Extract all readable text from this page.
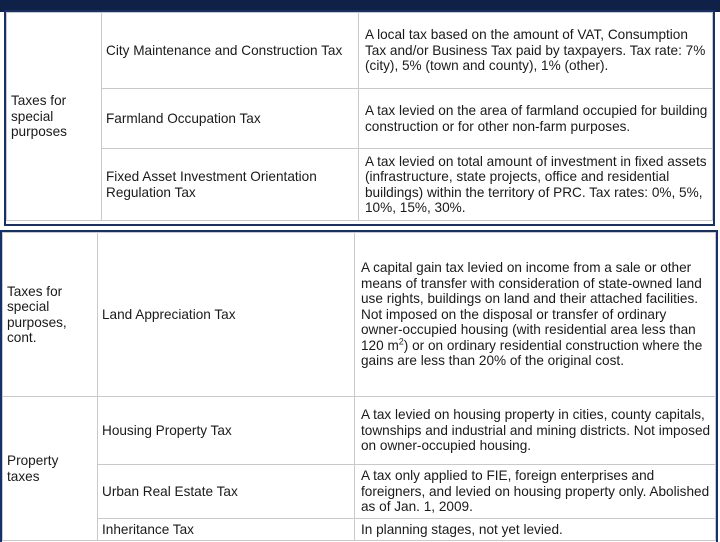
Taxes for special purposes	City Maintenance and Construction Tax	A local tax based on the amount of VAT, Consumption Tax and/or Business Tax paid by taxpayers. Tax rate: 7% (city), 5% (town and county), 1% (other).
	Farmland Occupation Tax	A tax levied on the area of farmland occupied for building construction or for other non-farm purposes.
	Fixed Asset Investment Orientation Regulation Tax	A tax levied on total amount of investment in fixed assets (infrastructure, state projects, office and residential buildings) within the territory of PRC. Tax rates: 0%, 5%, 10%, 15%, 30%.
Taxes for special purposes, cont.	Land Appreciation Tax	A capital gain tax levied on income from a sale or other means of transfer with consideration of state-owned land use rights, buildings on land and their attached facilities. Not imposed on the disposal or transfer of ordinary owner-occupied housing (with residential area less than 120 $m^2$) or on ordinary residential construction where the gains are less than 20% of the original cost.
Property taxes	Housing Property Tax	A tax levied on housing property in cities, county capitals, townships and industrial and mining districts. Not imposed on owner-occupied housing.
	Urban Real Estate Tax	A tax only applied to FIE, foreign enterprises and foreigners, and levied on housing property only. Abolished as of Jan. 1, 2009.
	Inheritance Tax	In planning stages, not yet levied.
